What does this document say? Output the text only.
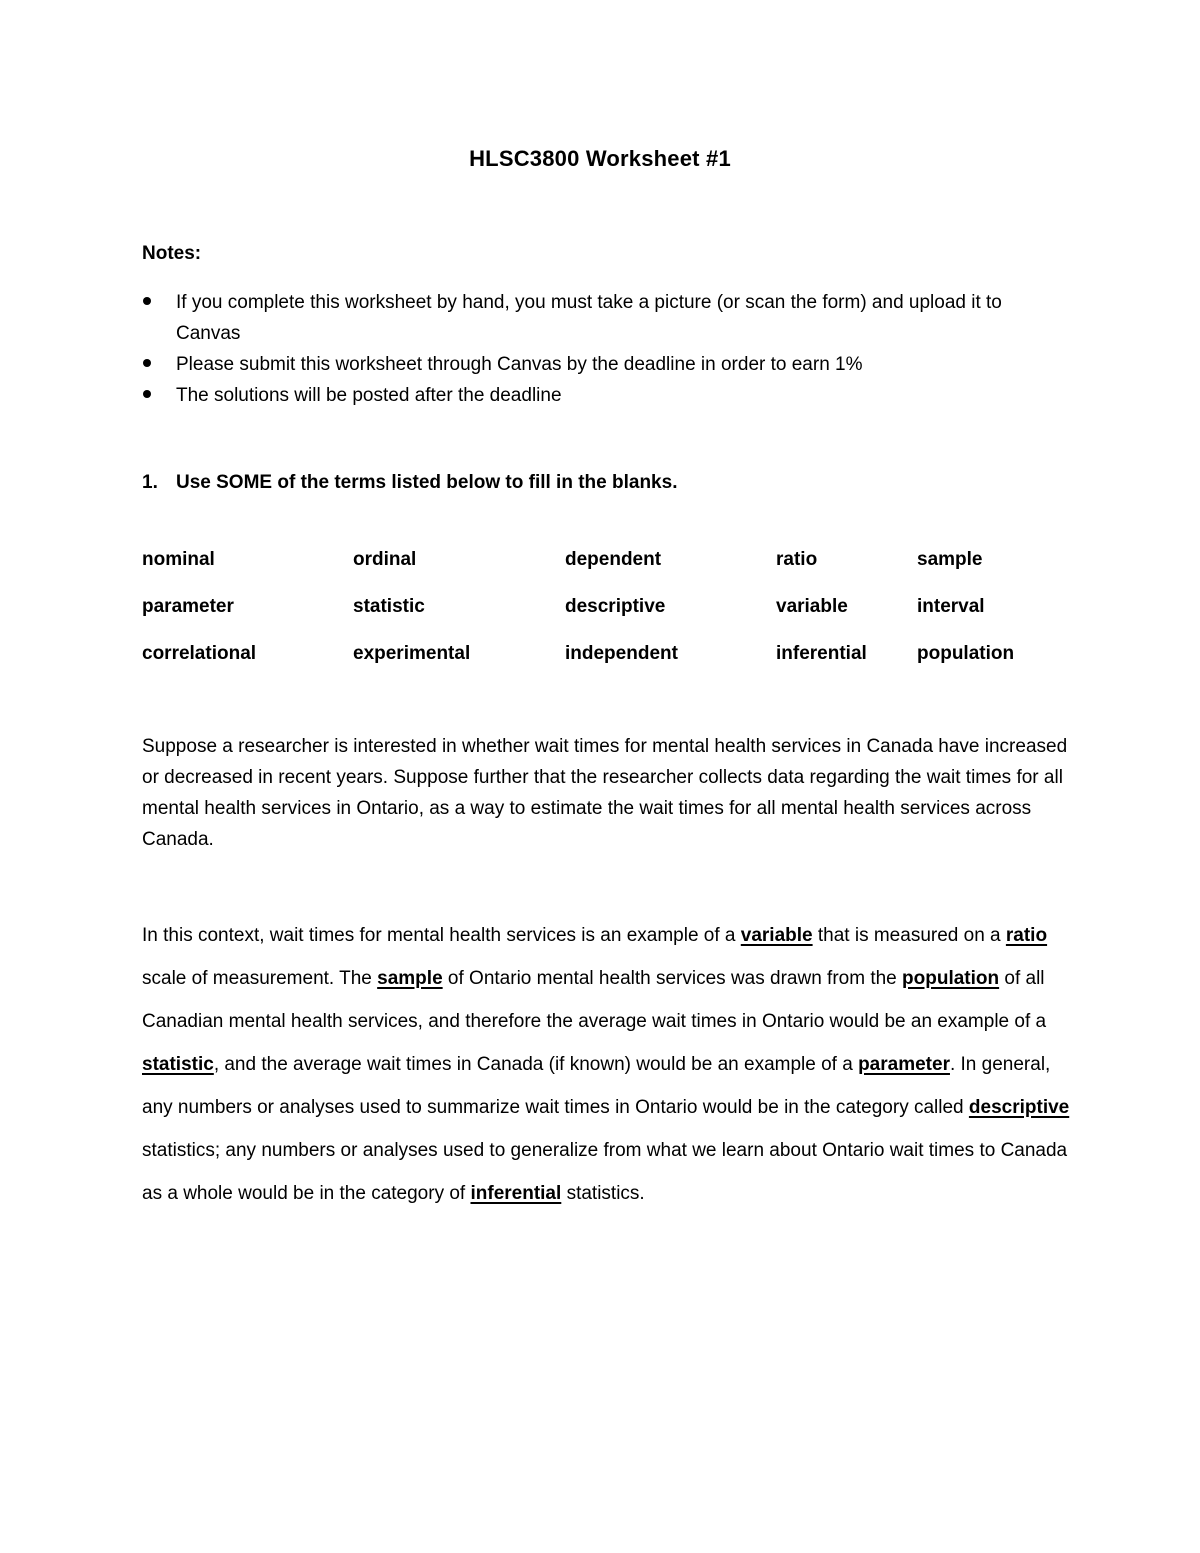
HLSC3800 Worksheet #1
Notes:
If you complete this worksheet by hand, you must take a picture (or scan the form) and upload it to Canvas
Please submit this worksheet through Canvas by the deadline in order to earn 1%
The solutions will be posted after the deadline
1. Use SOME of the terms listed below to fill in the blanks.
nominal	ordinal	dependent	ratio	sample
parameter	statistic	descriptive	variable	interval
correlational	experimental	independent	inferential	population
Suppose a researcher is interested in whether wait times for mental health services in Canada have increased or decreased in recent years. Suppose further that the researcher collects data regarding the wait times for all mental health services in Ontario, as a way to estimate the wait times for all mental health services across Canada.
In this context, wait times for mental health services is an example of a variable that is measured on a ratio scale of measurement. The sample of Ontario mental health services was drawn from the population of all Canadian mental health services, and therefore the average wait times in Ontario would be an example of a statistic, and the average wait times in Canada (if known) would be an example of a parameter. In general, any numbers or analyses used to summarize wait times in Ontario would be in the category called descriptive statistics; any numbers or analyses used to generalize from what we learn about Ontario wait times to Canada as a whole would be in the category of inferential statistics.
